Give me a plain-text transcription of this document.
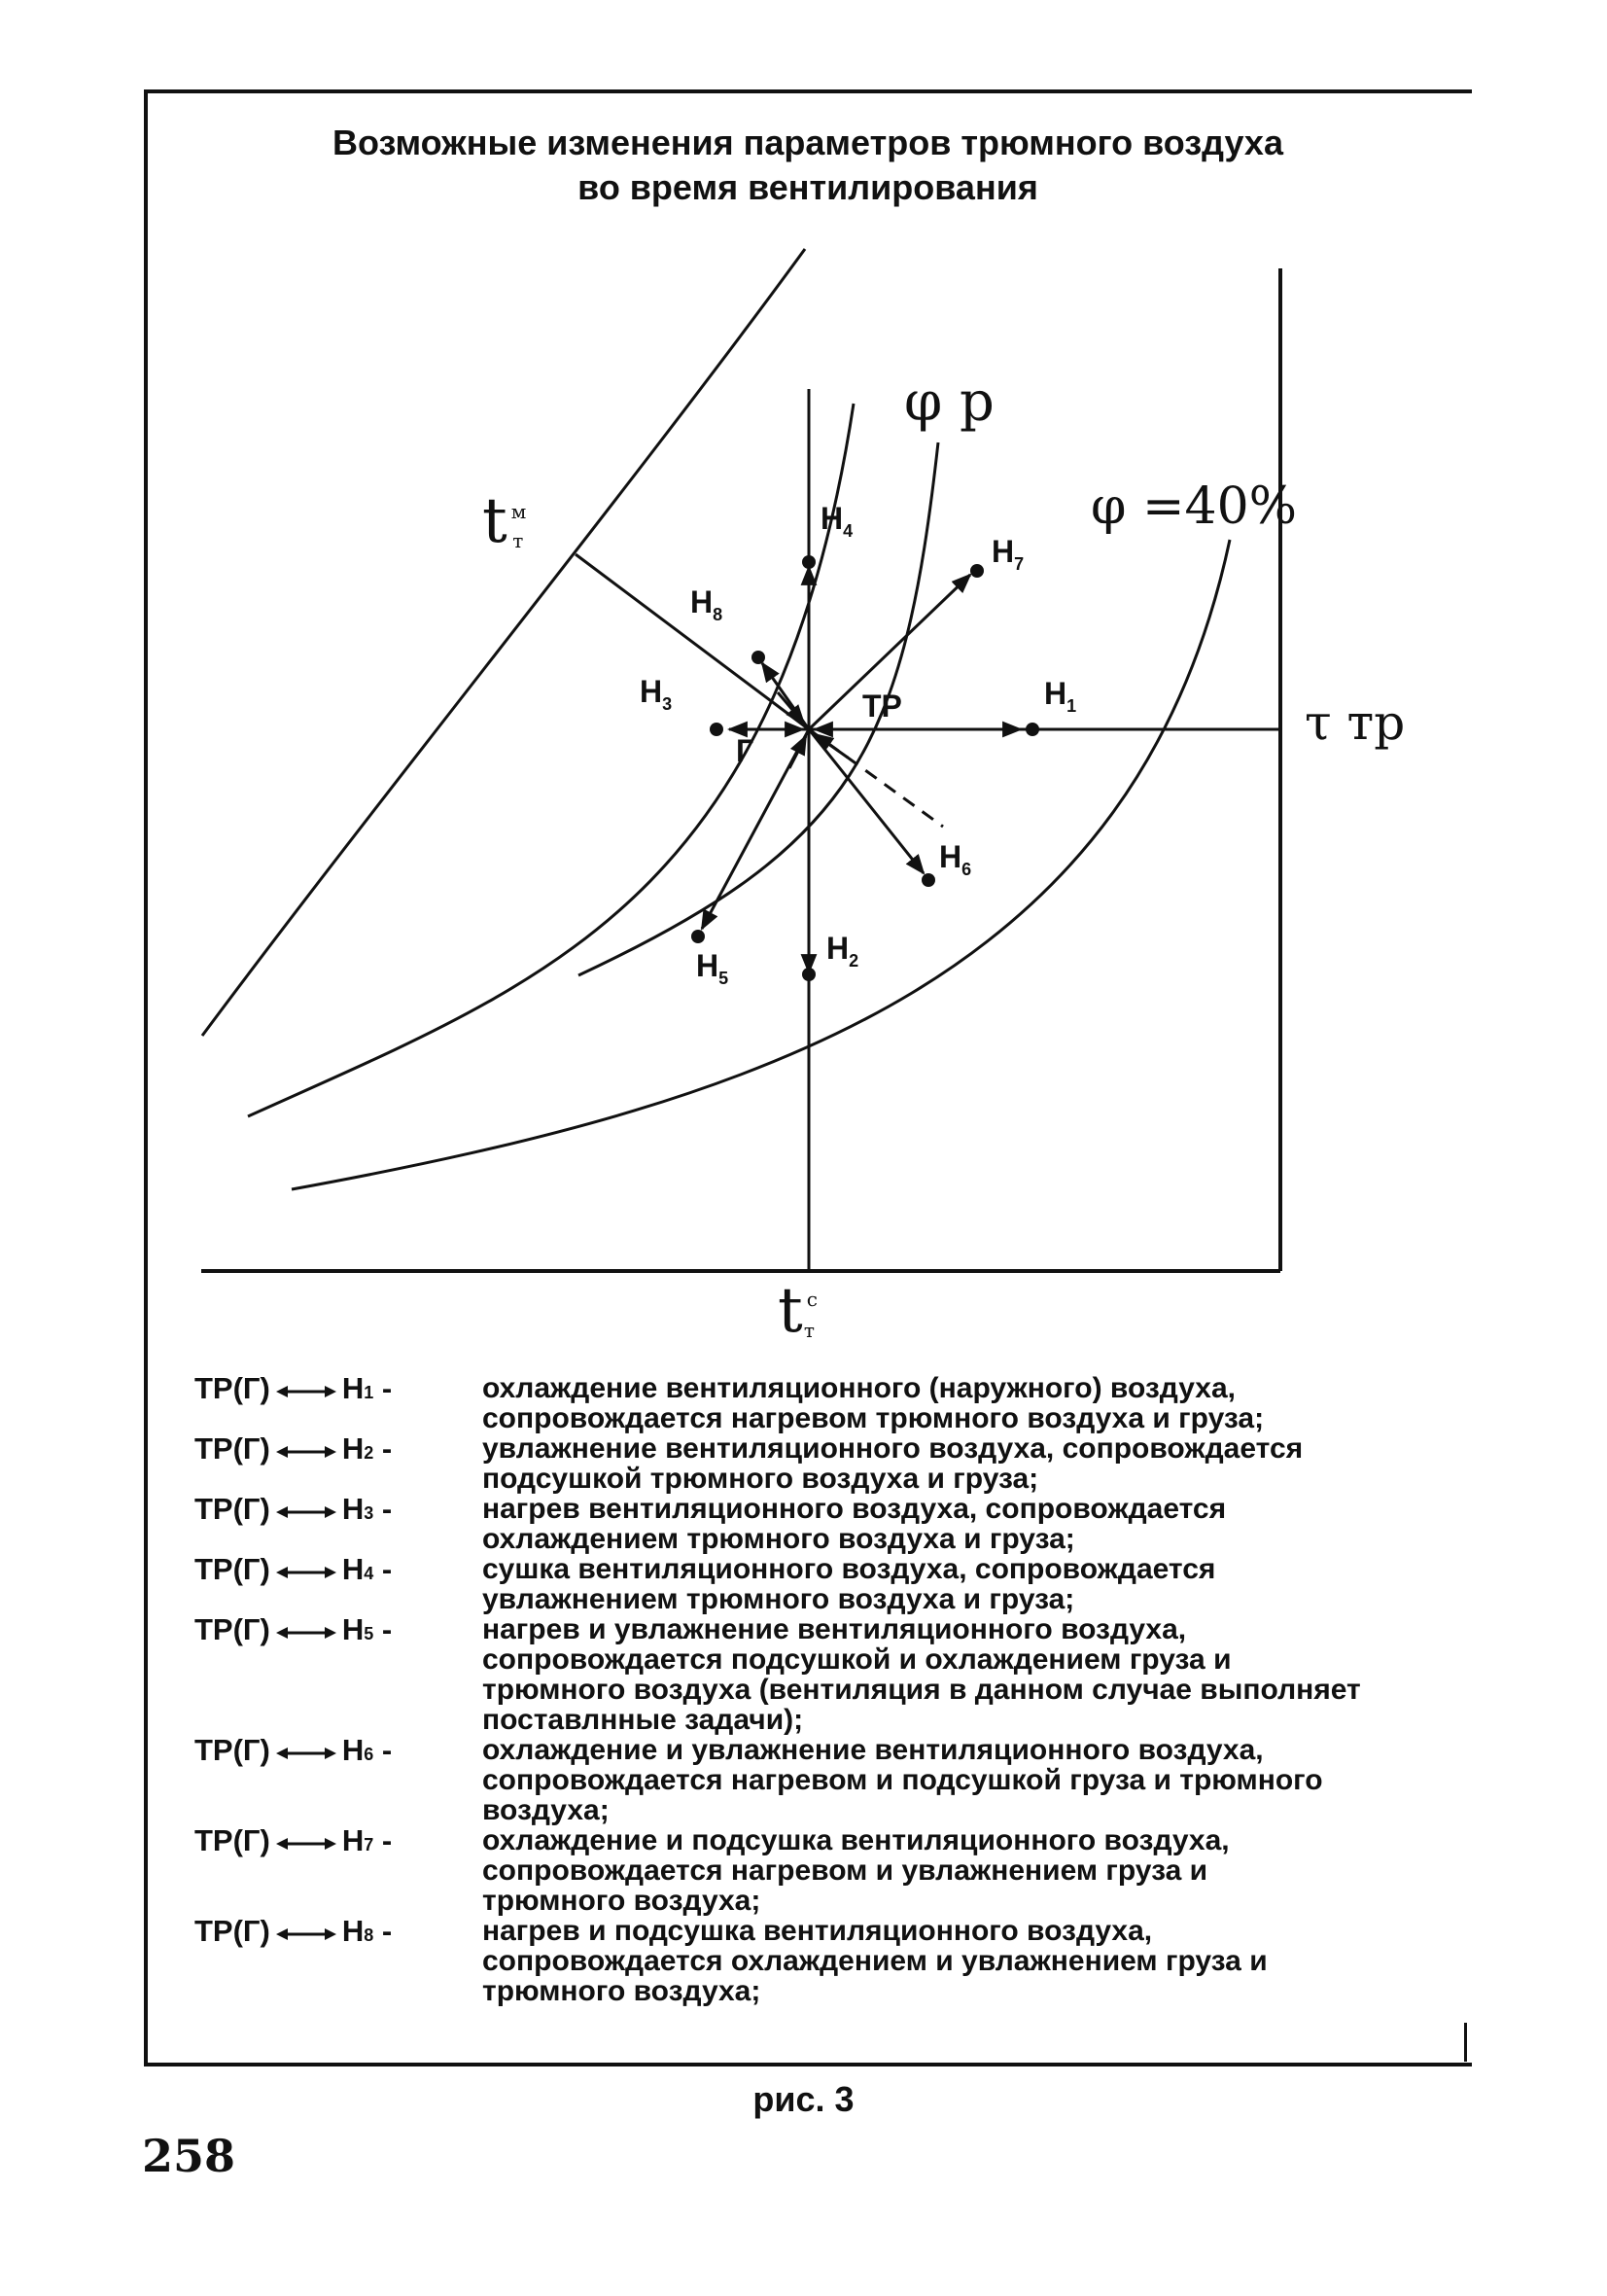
Возможные изменения параметров трюмного воздуха
во время вентилирования
$Н_1$
$Н_2$
$Н_3$
$Н_4$
$Н_5$
$Н_6$
$Н_7$
$Н_8$
ТР
Г
φ р
φ =40%
τ тр
t $^м$ т
t $^с$ т
ТР(Г) Н 1
-	охлаждение вентиляционного (наружного) воздуха,
сопровождается нагревом трюмного воздуха и груза;
ТР(Г) Н 2
-	увлажнение вентиляционного воздуха, сопровождается
подсушкой трюмного воздуха и груза;
ТР(Г) Н 3
-	нагрев вентиляционного воздуха, сопровождается
охлаждением трюмного воздуха и груза;
ТР(Г) Н 4
-	сушка вентиляционного воздуха, сопровождается
увлажнением трюмного воздуха и груза;
ТР(Г) Н 5
-	нагрев и увлажнение вентиляционного воздуха,
сопровождается подсушкой и охлаждением груза и
трюмного воздуха (вентиляция в данном случае выполняет
поставлнные задачи);
ТР(Г) Н 6
-	охлаждение и увлажнение вентиляционного воздуха,
сопровождается нагревом и подсушкой груза и трюмного
воздуха;
ТР(Г) Н 7
-	охлаждение и подсушка вентиляционного воздуха,
сопровождается нагревом и увлажнением груза и
трюмного воздуха;
ТР(Г) Н 8
-	нагрев и подсушка вентиляционного воздуха,
сопровождается охлаждением и увлажнением груза и
трюмного воздуха;
рис. 3
258
